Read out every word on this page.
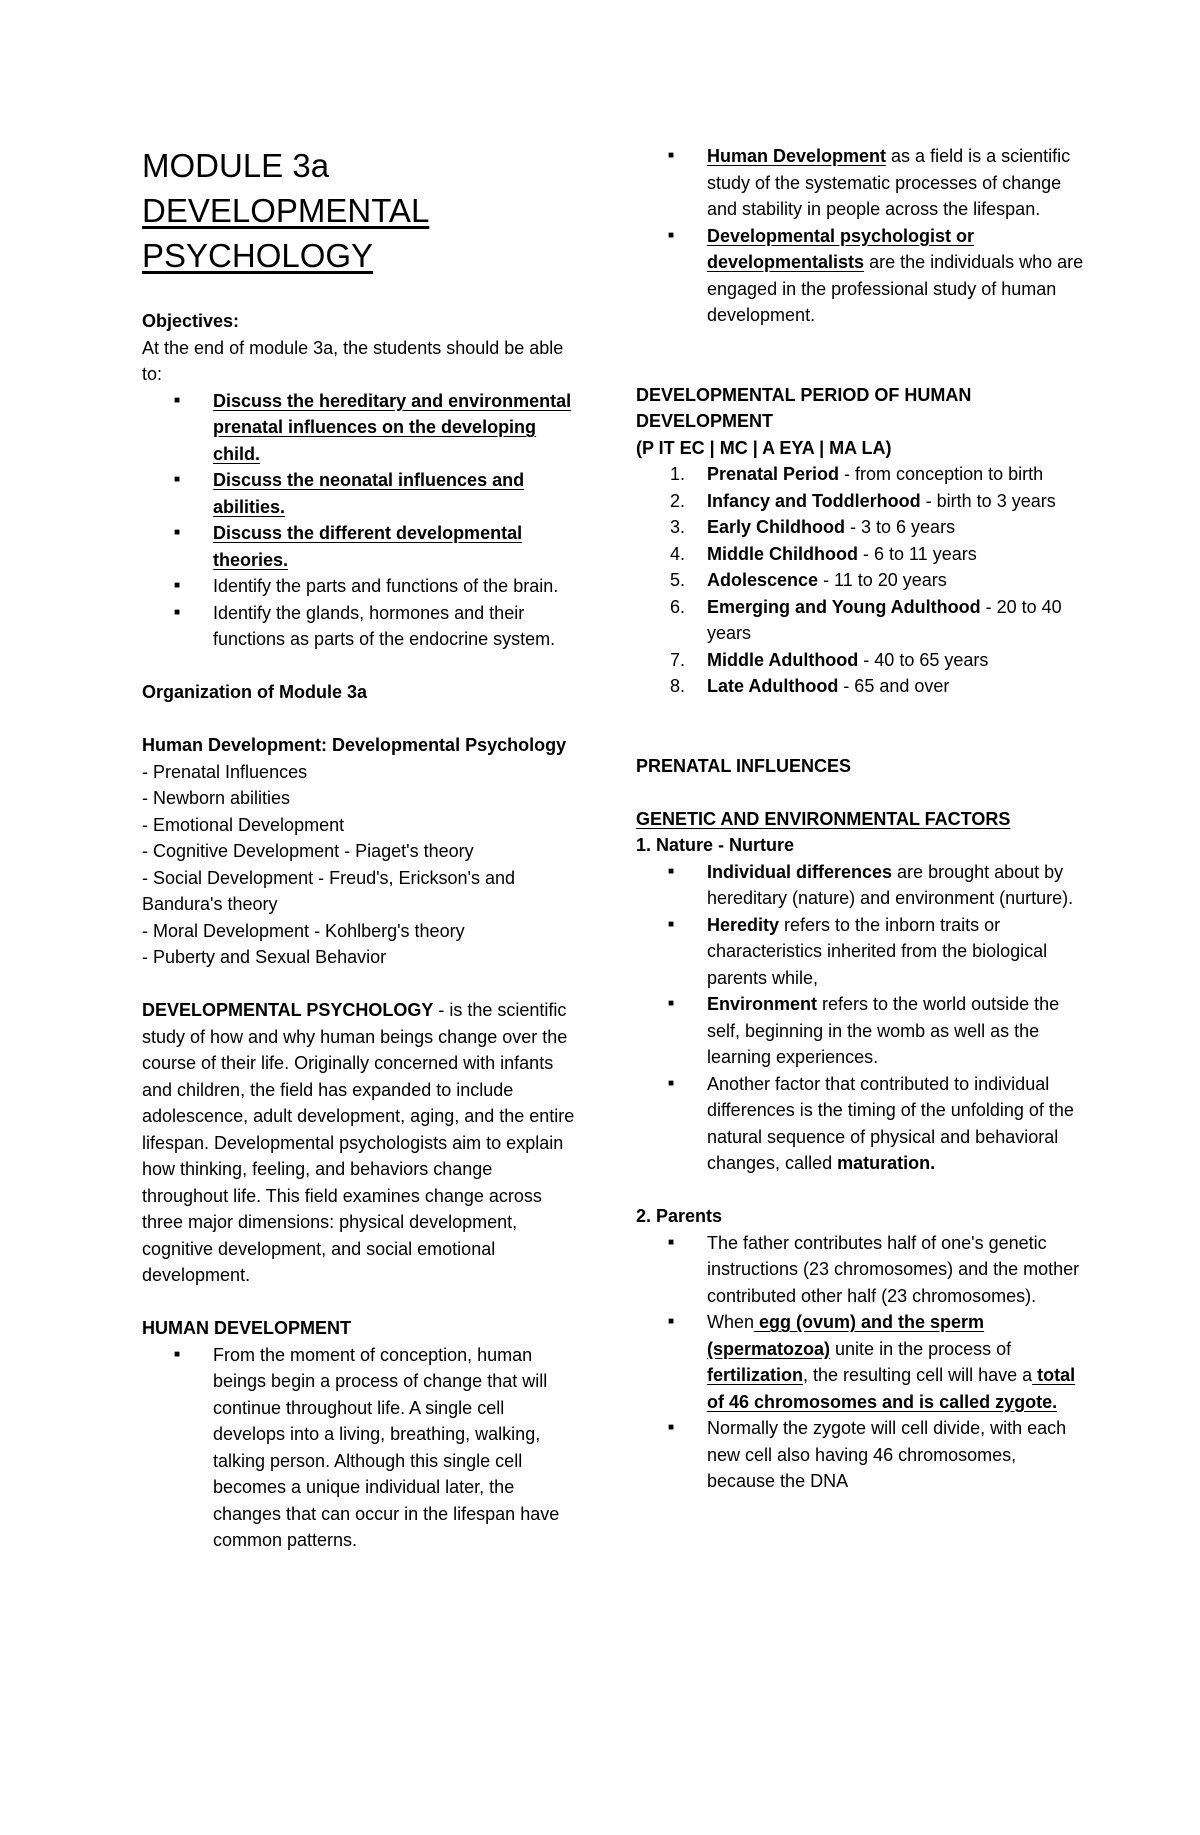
MODULE 3a
DEVELOPMENTAL
PSYCHOLOGY

Objectives:

At the end of module 3a, the students should be able to:

■ Discuss the hereditary and environmental prenatal influences on the developing child.
■ Discuss the neonatal influences and abilities.
■ Discuss the different developmental theories.
■ Identify the parts and functions of the brain.
■ Identify the glands, hormones and their functions as parts of the endocrine system.

Organization of Module 3a

Human Development: Developmental Psychology

- Prenatal Influences

- Newborn abilities

- Emotional Development

- Cognitive Development - Piaget's theory

- Social Development - Freud's, Erickson's and Bandura's theory

- Moral Development - Kohlberg's theory

- Puberty and Sexual Behavior

DEVELOPMENTAL PSYCHOLOGY - is the scientific study of how and why human beings change over the course of their life. Originally concerned with infants and children, the field has expanded to include adolescence, adult development, aging, and the entire lifespan. Developmental psychologists aim to explain how thinking, feeling, and behaviors change throughout life. This field examines change across three major dimensions: physical development, cognitive development, and social emotional development.

HUMAN DEVELOPMENT

■ From the moment of conception, human beings begin a process of change that will continue throughout life. A single cell develops into a living, breathing, walking, talking person. Although this single cell becomes a unique individual later, the changes that can occur in the lifespan have common patterns.
■ Human Development as a field is a scientific study of the systematic processes of change and stability in people across the lifespan.
■ Developmental psychologist or developmentalists are the individuals who are engaged in the professional study of human development.

DEVELOPMENTAL PERIOD OF HUMAN DEVELOPMENT

(P IT EC | MC | A EYA | MA LA)

1. Prenatal Period - from conception to birth
2. Infancy and Toddlerhood - birth to 3 years
3. Early Childhood - 3 to 6 years
4. Middle Childhood - 6 to 11 years
5. Adolescence - 11 to 20 years
6. Emerging and Young Adulthood - 20 to 40 years
7. Middle Adulthood - 40 to 65 years
8. Late Adulthood - 65 and over

PRENATAL INFLUENCES

GENETIC AND ENVIRONMENTAL FACTORS

1. Nature - Nurture

■ Individual differences are brought about by hereditary (nature) and environment (nurture).
■ Heredity refers to the inborn traits or characteristics inherited from the biological parents while,
■ Environment refers to the world outside the self, beginning in the womb as well as the learning experiences.
■ Another factor that contributed to individual differences is the timing of the unfolding of the natural sequence of physical and behavioral changes, called maturation.

2. Parents

■ The father contributes half of one's genetic instructions (23 chromosomes) and the mother contributed other half (23 chromosomes).
■ When egg (ovum) and the sperm (spermatozoa) unite in the process of fertilization, the resulting cell will have a total of 46 chromosomes and is called zygote.
■ Normally the zygote will cell divide, with each new cell also having 46 chromosomes, because the DNA
